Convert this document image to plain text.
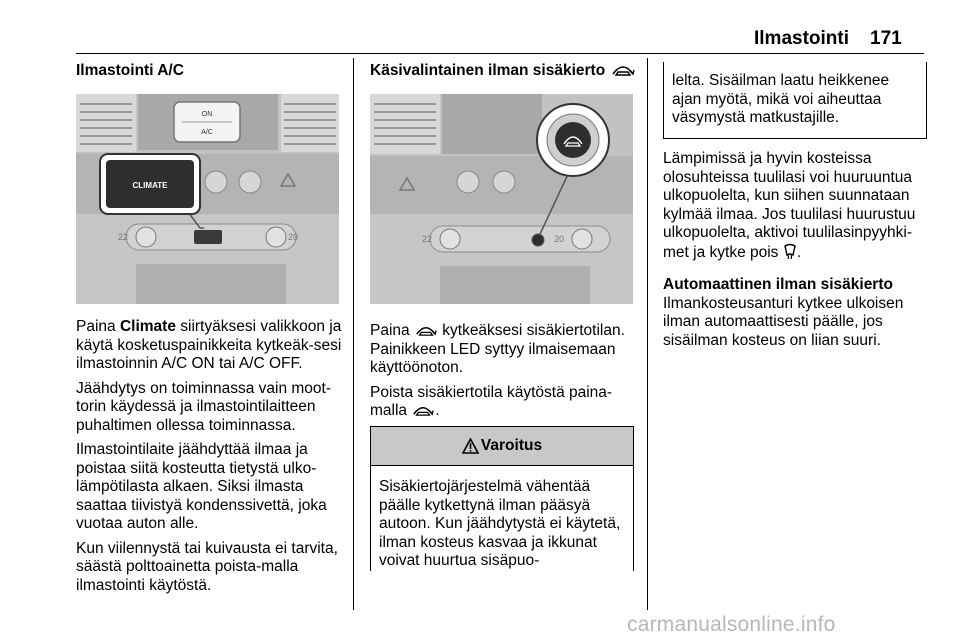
Ilmastointi 171
Ilmastointi A/C
ON
A/C
22	20
CLIMATE

Paina Climate siirtyäksesi valikkoon ja käytä kosketuspainikkeita kytkeäk-sesi ilmastoinnin A/C ON tai A/C OFF.

Jäähdytys on toiminnassa vain moot-torin käydessä ja ilmastointilaitteen puhaltimen ollessa toiminnassa.

Ilmastointilaite jäähdyttää ilmaa ja poistaa siitä kosteutta tietystä ulko-lämpötilasta alkaen. Siksi ilmasta saattaa tiivistyä kondenssivettä, joka vuotaa auton alle.

Kun viilennystä tai kuivausta ei tarvita, säästä polttoainetta poista-malla ilmastointi käytöstä.

Käsivalintainen ilman sisäkierto
22	20

Paina  kytkeäksesi sisäkiertotilan. Painikkeen LED syttyy ilmaisemaan käyttöönoton.

Poista sisäkiertotila käytöstä paina-malla .

Varoitus
Sisäkiertojärjestelmä vähentää päälle kytkettynä ilman pääsyä autoon. Kun jäähdytystä ei käytetä, ilman kosteus kasvaa ja ikkunat voivat huurtua sisäpuo-
lelta. Sisäilman laatu heikkenee ajan myötä, mikä voi aiheuttaa väsymystä matkustajille.

Lämpimissä ja hyvin kosteissa olosuhteissa tuulilasi voi huuruuntua ulkopuolelta, kun siihen suunnataan kylmää ilmaa. Jos tuulilasi huurustuu ulkopuolelta, aktivoi tuulilasinpyyhki-met ja kytke pois .

Automaattinen ilman sisäkierto

Ilmankosteusanturi kytkee ulkoisen ilman automaattisesti päälle, jos sisäilman kosteus on liian suuri.

carmanualsonline.info
